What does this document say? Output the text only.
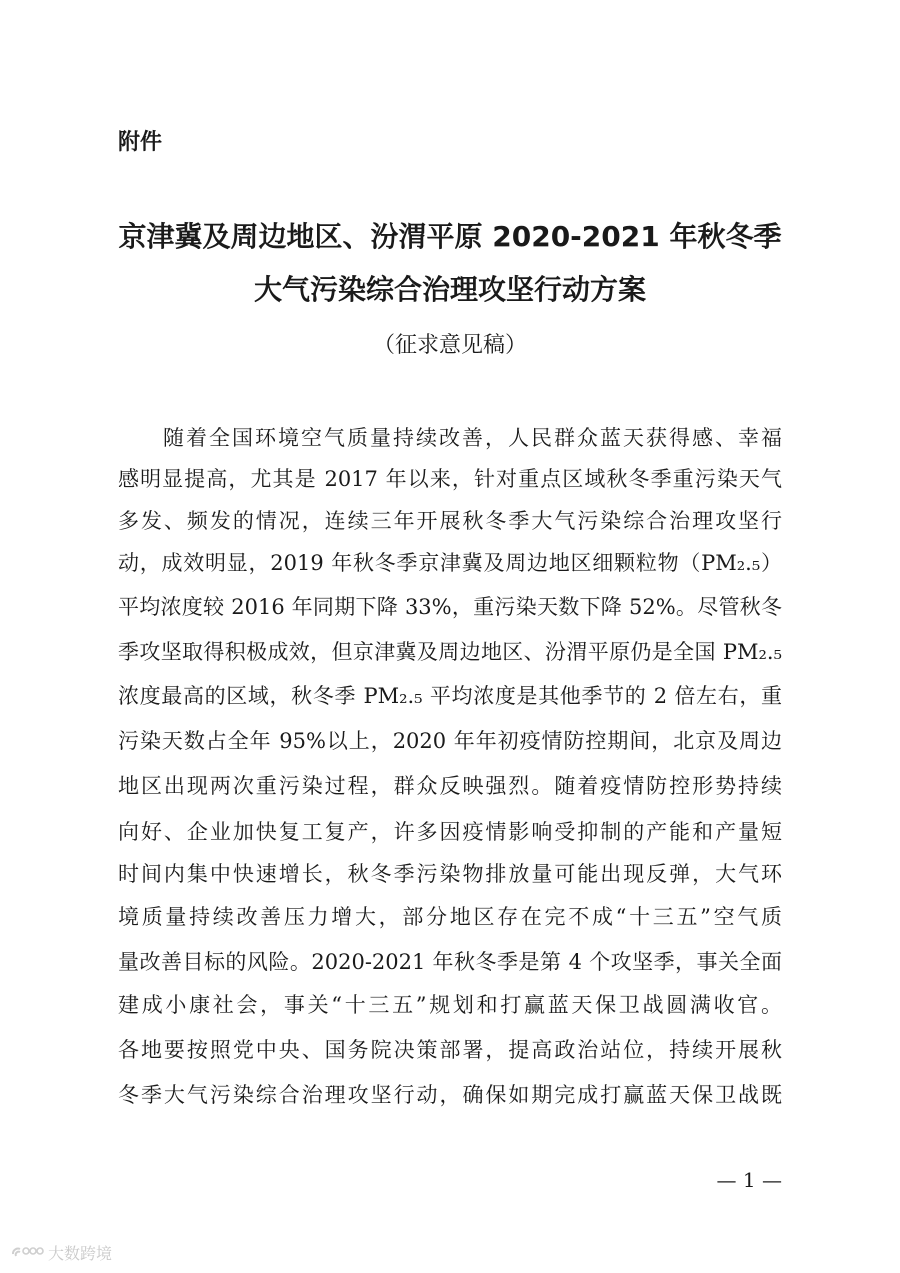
附件
京津冀及周边地区、汾渭平原 2020-2021 年秋冬季
大气污染综合治理攻坚行动方案
（征求意见稿）
随着全国环境空气质量持续改善，人民群众蓝天获得感、幸福
感明显提高，尤其是 2017 年以来，针对重点区域秋冬季重污染天气
多发、频发的情况，连续三年开展秋冬季大气污染综合治理攻坚行
动，成效明显，2019 年秋冬季京津冀及周边地区细颗粒物（PM₂.₅）
平均浓度较 2016 年同期下降 33%，重污染天数下降 52%。尽管秋冬
季攻坚取得积极成效，但京津冀及周边地区、汾渭平原仍是全国 PM₂.₅
浓度最高的区域，秋冬季 PM₂.₅ 平均浓度是其他季节的 2 倍左右，重
污染天数占全年 95%以上，2020 年年初疫情防控期间，北京及周边
地区出现两次重污染过程，群众反映强烈。随着疫情防控形势持续
向好、企业加快复工复产，许多因疫情影响受抑制的产能和产量短
时间内集中快速增长，秋冬季污染物排放量可能出现反弹，大气环
境质量持续改善压力增大，部分地区存在完不成“十三五”空气质
量改善目标的风险。2020-2021 年秋冬季是第 4 个攻坚季，事关全面
建成小康社会，事关“十三五”规划和打赢蓝天保卫战圆满收官。
各地要按照党中央、国务院决策部署，提高政治站位，持续开展秋
冬季大气污染综合治理攻坚行动，确保如期完成打赢蓝天保卫战既
— 1 —
大数跨境
